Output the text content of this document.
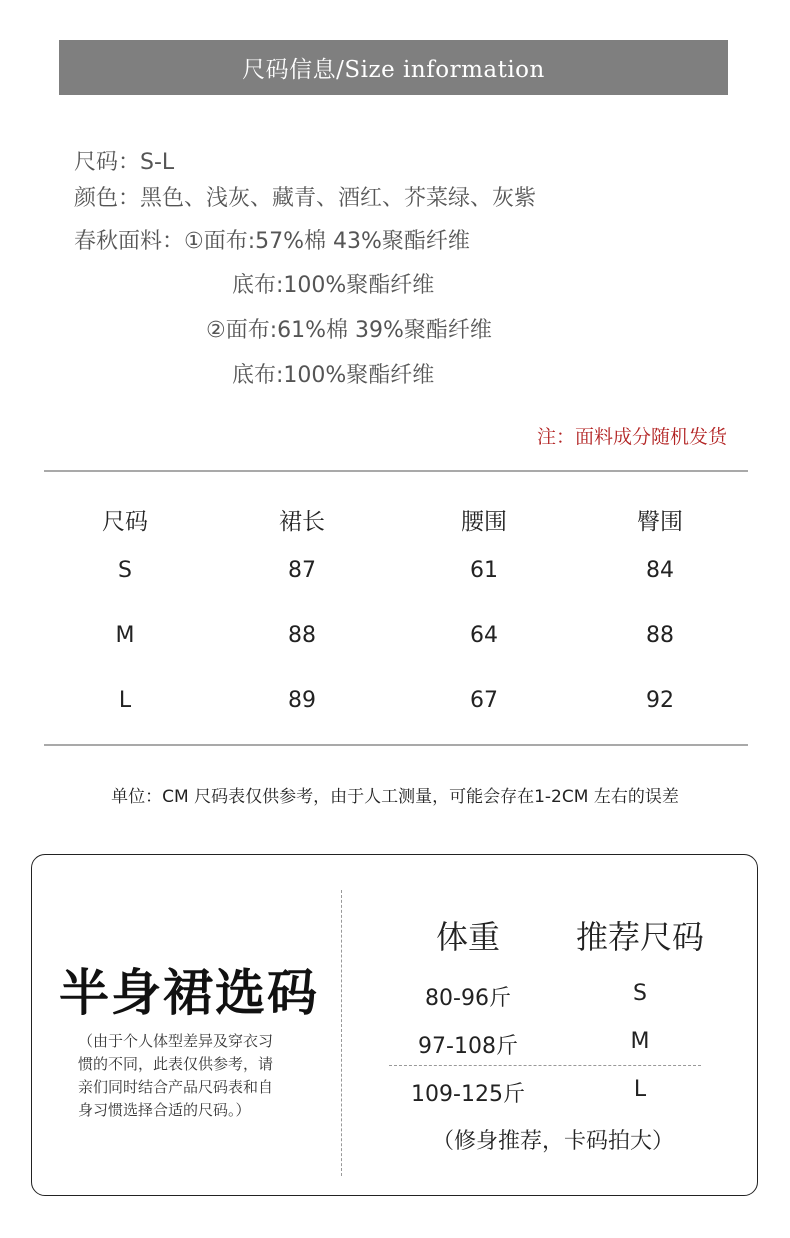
尺码信息/Size information
尺码：S-L
颜色：黑色、浅灰、藏青、酒红、芥菜绿、灰紫
春秋面料：①面布:57%棉 43%聚酯纤维
底布:100%聚酯纤维
②面布:61%棉 39%聚酯纤维
底布:100%聚酯纤维
注：面料成分随机发货
尺码	裙长	腰围	臀围
S	87	61	84
M	88	64	88
L	89	67	92
单位：CM 尺码表仅供参考，由于人工测量，可能会存在1-2CM 左右的误差
半身裙选码
（由于个人体型差异及穿衣习
惯的不同，此表仅供参考，请
亲们同时结合产品尺码表和自
身习惯选择合适的尺码。）
体重	推荐尺码
80-96斤	S
97-108斤	M
109-125斤	L
（修身推荐，卡码拍大）
